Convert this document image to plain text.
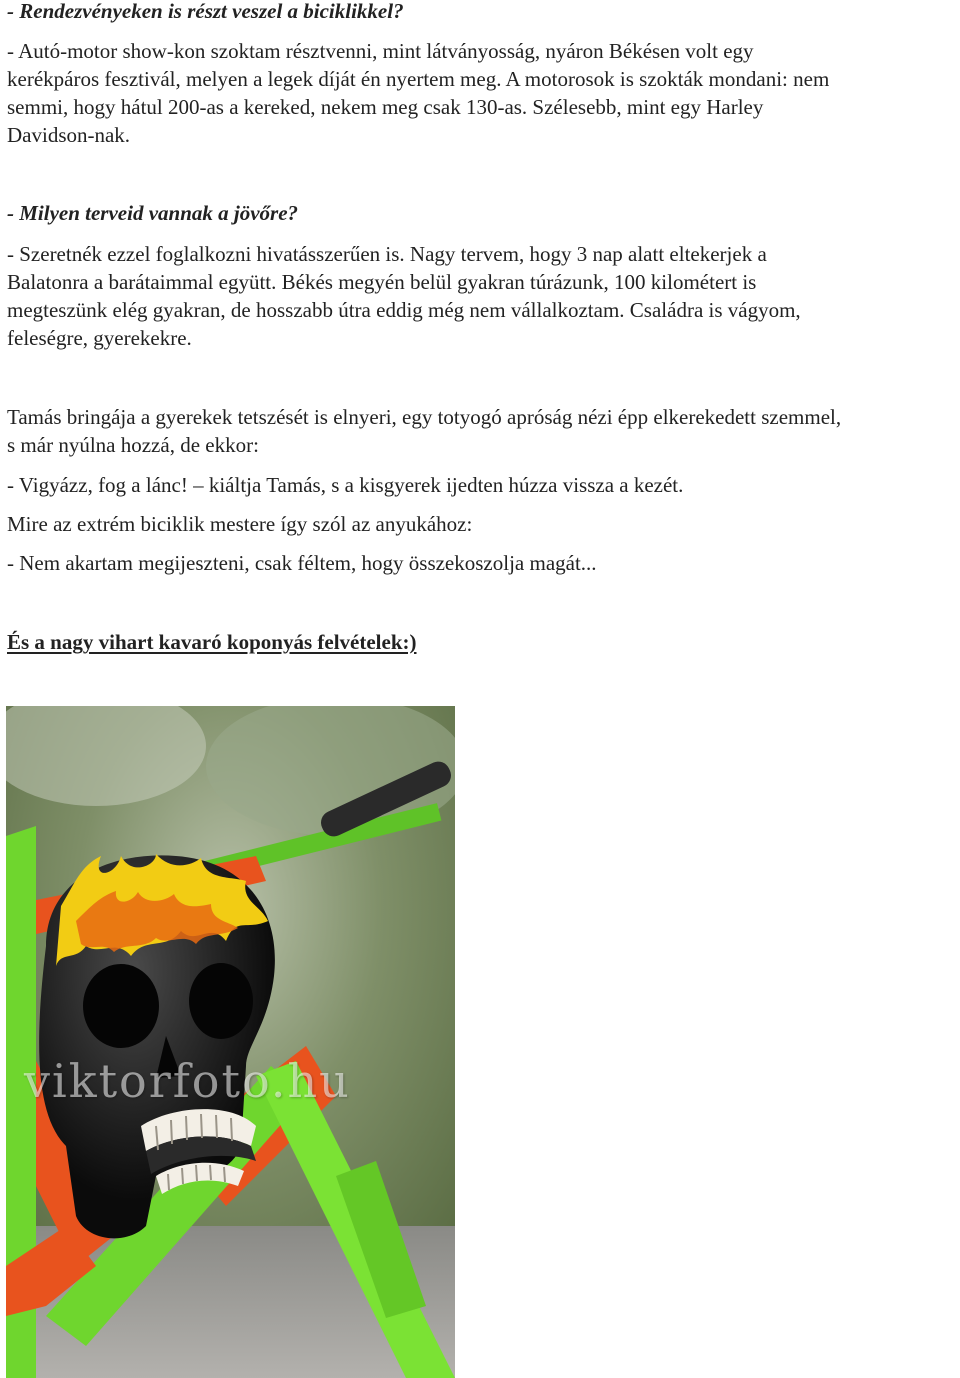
- Rendezvényeken is részt veszel a biciklikkel?

- Autó-motor show-kon szoktam résztvenni, mint látványosság, nyáron Békésen volt egy

kerékpáros fesztivál, melyen a legek díját én nyertem meg. A motorosok is szokták mondani: nem

semmi, hogy hátul 200-as a kereked, nekem meg csak 130-as. Szélesebb, mint egy Harley

Davidson-nak.

- Milyen terveid vannak a jövőre?

- Szeretnék ezzel foglalkozni hivatásszerűen is. Nagy tervem, hogy 3 nap alatt eltekerjek a

Balatonra a barátaimmal együtt. Békés megyén belül gyakran túrázunk, 100 kilométert is

megteszünk elég gyakran, de hosszabb útra eddig még nem vállalkoztam. Családra is vágyom,

feleségre, gyerekekre.

Tamás bringája a gyerekek tetszését is elnyeri, egy totyogó apróság nézi épp elkerekedett szemmel,

s már nyúlna hozzá, de ekkor:

- Vigyázz, fog a lánc! – kiáltja Tamás, s a kisgyerek ijedten húzza vissza a kezét.

Mire az extrém biciklik mestere így szól az anyukához:

- Nem akartam megijeszteni, csak féltem, hogy összekoszolja magát...

És a nagy vihart kavaró koponyás felvételek:)

viktorfoto.hu
